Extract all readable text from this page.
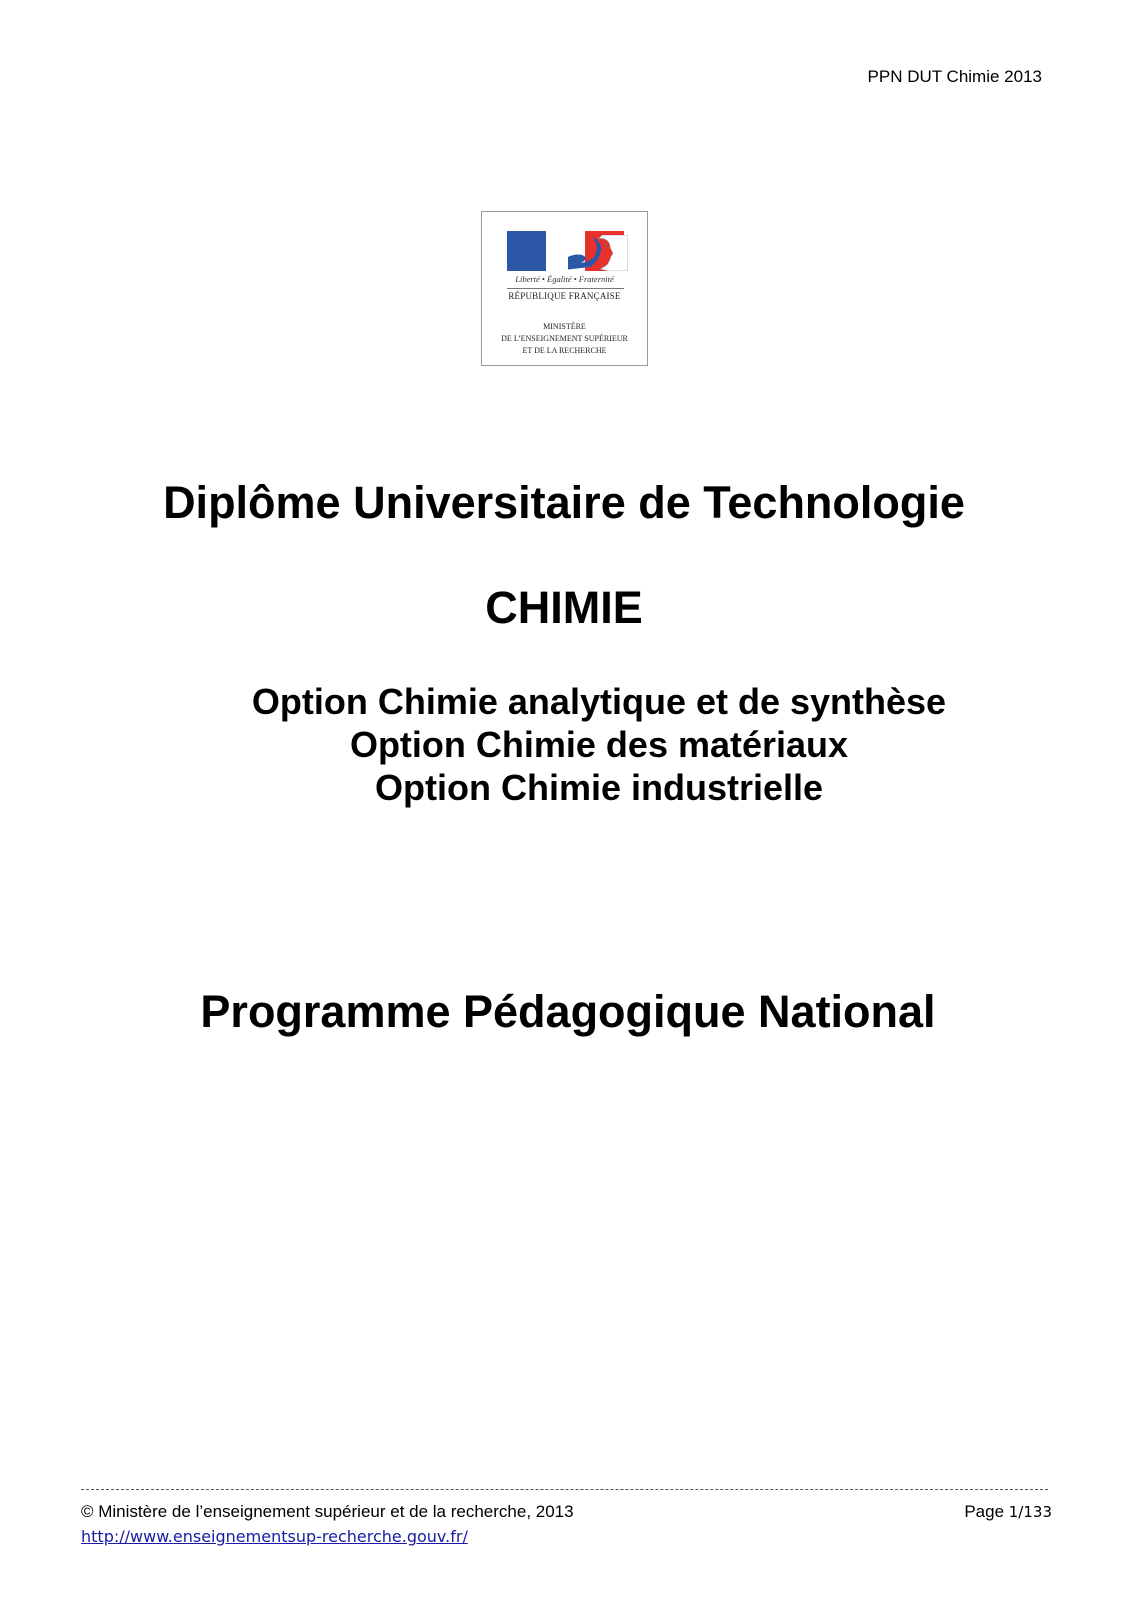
PPN DUT Chimie 2013
Liberté • Égalité • Fraternité
RÉPUBLIQUE FRANÇAISE
MINISTÈRE
DE L’ENSEIGNEMENT SUPÉRIEUR
ET DE LA RECHERCHE
Diplôme Universitaire de Technologie
CHIMIE
Option Chimie analytique et de synthèse
Option Chimie des matériaux
Option Chimie industrielle
Programme Pédagogique National
© Ministère de l’enseignement supérieur et de la recherche, 2013	Page 1/133
http://www.enseignementsup-recherche.gouv.fr/
